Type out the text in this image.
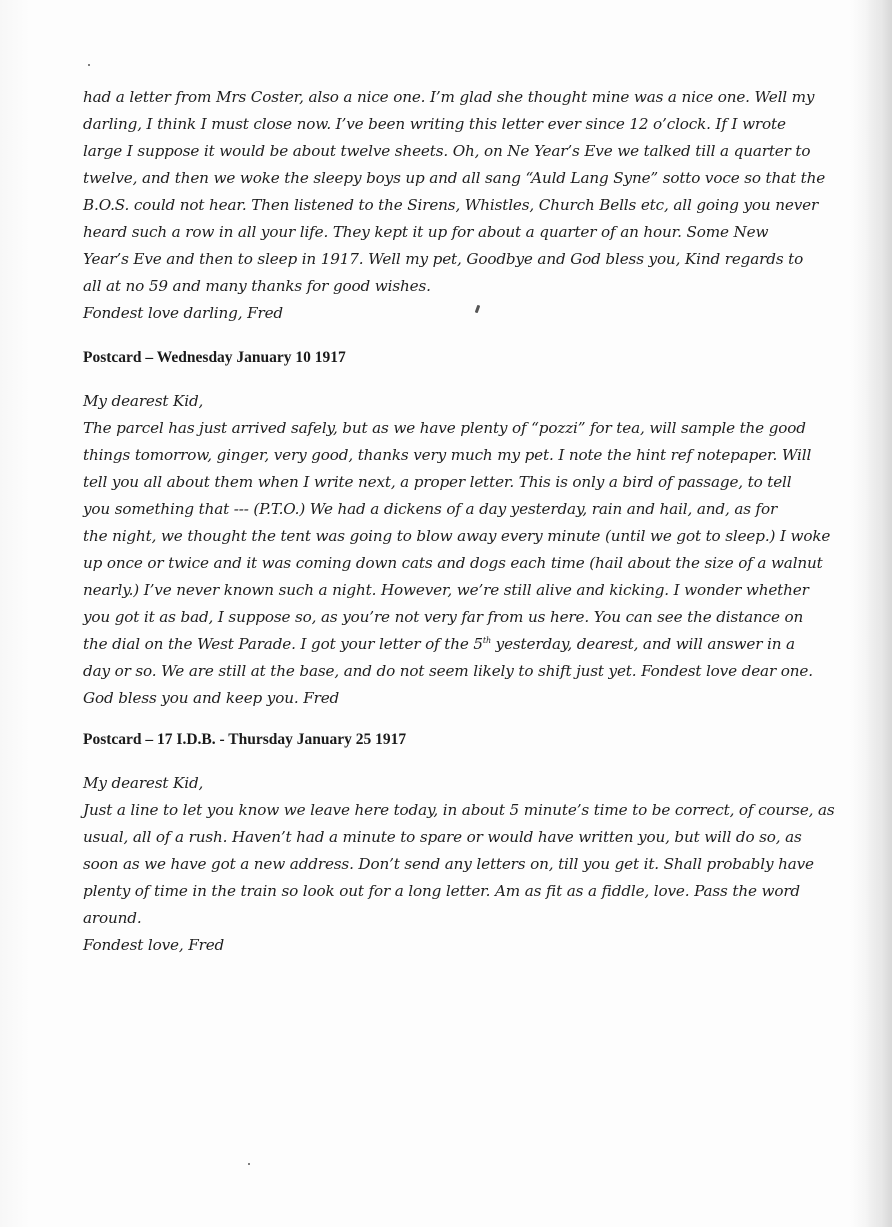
had a letter from Mrs Coster, also a nice one. I’m glad she thought mine was a nice one. Well my
darling, I think I must close now. I’ve been writing this letter ever since 12 o’clock. If I wrote
large I suppose it would be about twelve sheets. Oh, on Ne Year’s Eve we talked till a quarter to
twelve, and then we woke the sleepy boys up and all sang “Auld Lang Syne” sotto voce so that the
B.O.S. could not hear. Then listened to the Sirens, Whistles, Church Bells etc, all going you never
heard such a row in all your life. They kept it up for about a quarter of an hour. Some New
Year’s Eve and then to sleep in 1917. Well my pet, Goodbye and God bless you, Kind regards to
all at no 59 and many thanks for good wishes.
Fondest love darling, Fred

Postcard – Wednesday January 10 1917

My dearest Kid,
The parcel has just arrived safely, but as we have plenty of “pozzi” for tea, will sample the good
things tomorrow, ginger, very good, thanks very much my pet. I note the hint ref notepaper. Will
tell you all about them when I write next, a proper letter. This is only a bird of passage, to tell
you something that --- (P.T.O.) We had a dickens of a day yesterday, rain and hail, and, as for
the night, we thought the tent was going to blow away every minute (until we got to sleep.) I woke
up once or twice and it was coming down cats and dogs each time (hail about the size of a walnut
nearly.) I’ve never known such a night. However, we’re still alive and kicking. I wonder whether
you got it as bad, I suppose so, as you’re not very far from us here. You can see the distance on
the dial on the West Parade. I got your letter of the 5th yesterday, dearest, and will answer in a
day or so. We are still at the base, and do not seem likely to shift just yet. Fondest love dear one.
God bless you and keep you. Fred

Postcard – 17 I.D.B. - Thursday January 25 1917

My dearest Kid,
Just a line to let you know we leave here today, in about 5 minute’s time to be correct, of course, as
usual, all of a rush. Haven’t had a minute to spare or would have written you, but will do so, as
soon as we have got a new address. Don’t send any letters on, till you get it. Shall probably have
plenty of time in the train so look out for a long letter. Am as fit as a fiddle, love. Pass the word
around.
Fondest love, Fred
